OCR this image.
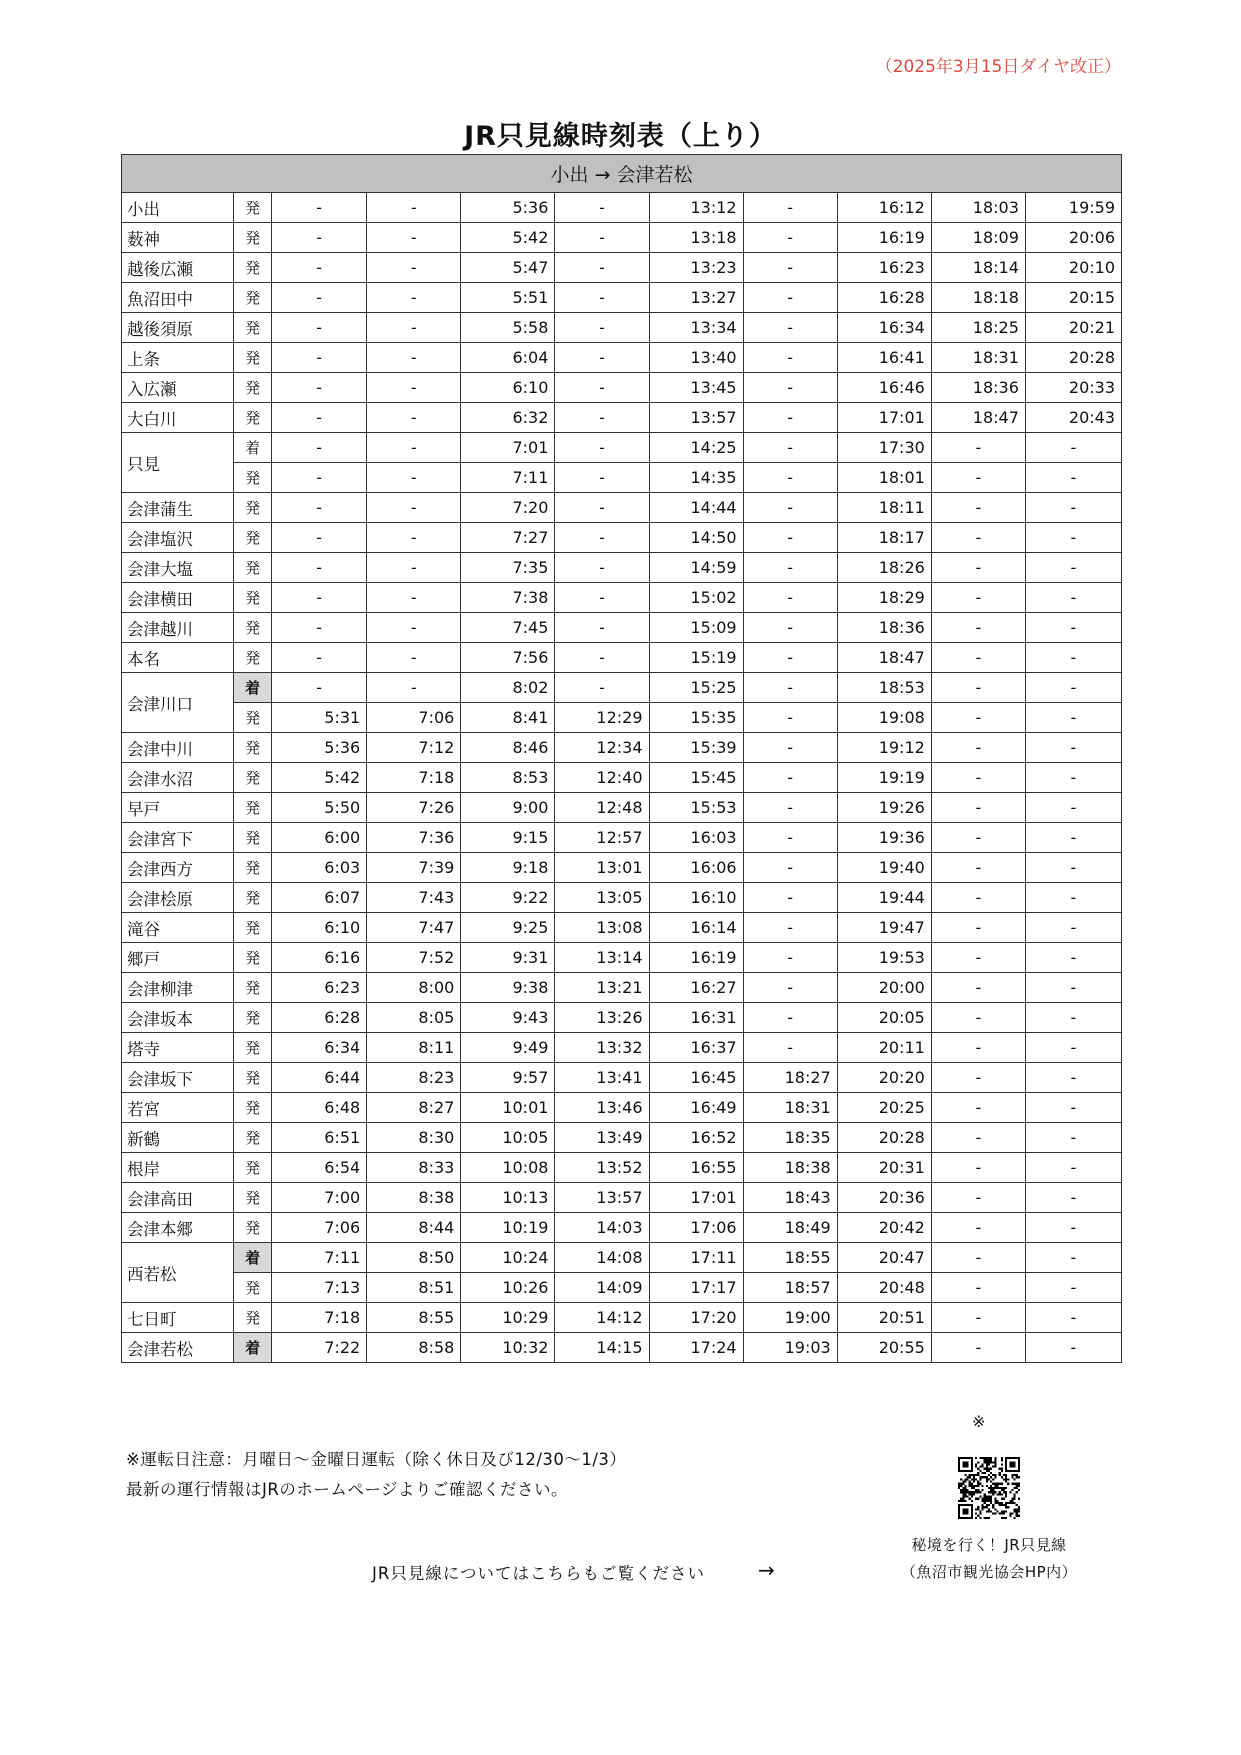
（2025年3月15日ダイヤ改正）
JR只見線時刻表（上り）
小出 → 会津若松										
小出	発	-	-	5:36	-	13:12	-	16:12	18:03	19:59
薮神	発	-	-	5:42	-	13:18	-	16:19	18:09	20:06
越後広瀬	発	-	-	5:47	-	13:23	-	16:23	18:14	20:10
魚沼田中	発	-	-	5:51	-	13:27	-	16:28	18:18	20:15
越後須原	発	-	-	5:58	-	13:34	-	16:34	18:25	20:21
上条	発	-	-	6:04	-	13:40	-	16:41	18:31	20:28
入広瀬	発	-	-	6:10	-	13:45	-	16:46	18:36	20:33
大白川	発	-	-	6:32	-	13:57	-	17:01	18:47	20:43
只見	着	-	-	7:01	-	14:25	-	17:30	-	-
	発	-	-	7:11	-	14:35	-	18:01	-	-
会津蒲生	発	-	-	7:20	-	14:44	-	18:11	-	-
会津塩沢	発	-	-	7:27	-	14:50	-	18:17	-	-
会津大塩	発	-	-	7:35	-	14:59	-	18:26	-	-
会津横田	発	-	-	7:38	-	15:02	-	18:29	-	-
会津越川	発	-	-	7:45	-	15:09	-	18:36	-	-
本名	発	-	-	7:56	-	15:19	-	18:47	-	-
会津川口	着	-	-	8:02	-	15:25	-	18:53	-	-
	発	5:31	7:06	8:41	12:29	15:35	-	19:08	-	-
会津中川	発	5:36	7:12	8:46	12:34	15:39	-	19:12	-	-
会津水沼	発	5:42	7:18	8:53	12:40	15:45	-	19:19	-	-
早戸	発	5:50	7:26	9:00	12:48	15:53	-	19:26	-	-
会津宮下	発	6:00	7:36	9:15	12:57	16:03	-	19:36	-	-
会津西方	発	6:03	7:39	9:18	13:01	16:06	-	19:40	-	-
会津桧原	発	6:07	7:43	9:22	13:05	16:10	-	19:44	-	-
滝谷	発	6:10	7:47	9:25	13:08	16:14	-	19:47	-	-
郷戸	発	6:16	7:52	9:31	13:14	16:19	-	19:53	-	-
会津柳津	発	6:23	8:00	9:38	13:21	16:27	-	20:00	-	-
会津坂本	発	6:28	8:05	9:43	13:26	16:31	-	20:05	-	-
塔寺	発	6:34	8:11	9:49	13:32	16:37	-	20:11	-	-
会津坂下	発	6:44	8:23	9:57	13:41	16:45	18:27	20:20	-	-
若宮	発	6:48	8:27	10:01	13:46	16:49	18:31	20:25	-	-
新鶴	発	6:51	8:30	10:05	13:49	16:52	18:35	20:28	-	-
根岸	発	6:54	8:33	10:08	13:52	16:55	18:38	20:31	-	-
会津高田	発	7:00	8:38	10:13	13:57	17:01	18:43	20:36	-	-
会津本郷	発	7:06	8:44	10:19	14:03	17:06	18:49	20:42	-	-
西若松	着	7:11	8:50	10:24	14:08	17:11	18:55	20:47	-	-
	発	7:13	8:51	10:26	14:09	17:17	18:57	20:48	-	-
七日町	発	7:18	8:55	10:29	14:12	17:20	19:00	20:51	-	-
会津若松	着	7:22	8:58	10:32	14:15	17:24	19:03	20:55	-	-
※
※運転日注意：月曜日～金曜日運転（除く休日及び12/30～1/3）
最新の運行情報はJRのホームページよりご確認ください。
JR只見線についてはこちらもご覧ください	→
秘境を行く！JR只見線
（魚沼市観光協会HP内）
